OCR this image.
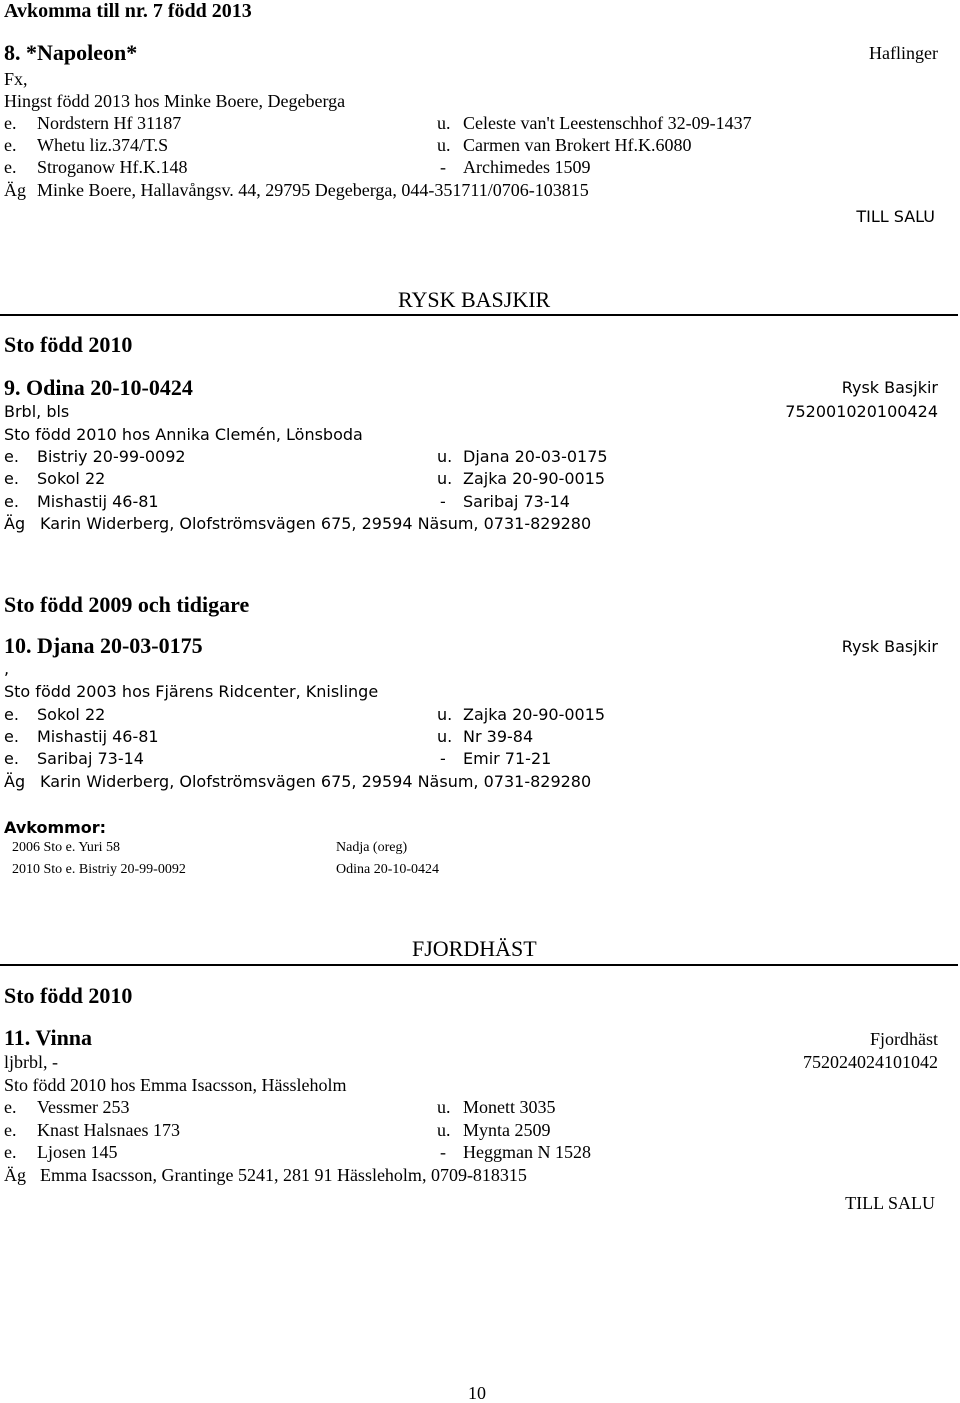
Avkomma till nr. 7 född 2013
8. *Napoleon*	Haflinger
Fx,
Hingst född 2013 hos Minke Boere, Degeberga
e. Nordstern Hf 31187	u. Celeste van't Leestenschhof 32-09-1437
e. Whetu liz.374/T.S	u. Carmen van Brokert Hf.K.6080
e. Stroganow Hf.K.148	- Archimedes 1509
Äg Minke Boere, Hallavångsv. 44, 29795 Degeberga, 044-351711/0706-103815
TILL SALU
RYSK BASJKIR
Sto född 2010
9. Odina 20-10-0424	Rysk Basjkir
Brbl, bls	752001020100424
Sto född 2010 hos Annika Clemén, Lönsboda
e. Bistriy 20-99-0092	u. Djana 20-03-0175
e. Sokol 22	u. Zajka 20-90-0015
e. Mishastij 46-81	- Saribaj 73-14
Äg Karin Widerberg, Olofströmsvägen 675, 29594 Näsum, 0731-829280
Sto född 2009 och tidigare
10. Djana 20-03-0175	Rysk Basjkir
,
Sto född 2003 hos Fjärens Ridcenter, Knislinge
e. Sokol 22	u. Zajka 20-90-0015
e. Mishastij 46-81	u. Nr 39-84
e. Saribaj 73-14	- Emir 71-21
Äg Karin Widerberg, Olofströmsvägen 675, 29594 Näsum, 0731-829280
Avkommor:
2006 Sto e. Yuri 58	Nadja (oreg)
2010 Sto e. Bistriy 20-99-0092	Odina 20-10-0424
FJORDHÄST
Sto född 2010
11. Vinna	Fjordhäst
ljbrbl, -	752024024101042
Sto född 2010 hos Emma Isacsson, Hässleholm
e. Vessmer 253	u. Monett 3035
e. Knast Halsnaes 173	u. Mynta 2509
e. Ljosen 145	- Heggman N 1528
Äg Emma Isacsson, Grantinge 5241, 281 91 Hässleholm, 0709-818315
TILL SALU
10
